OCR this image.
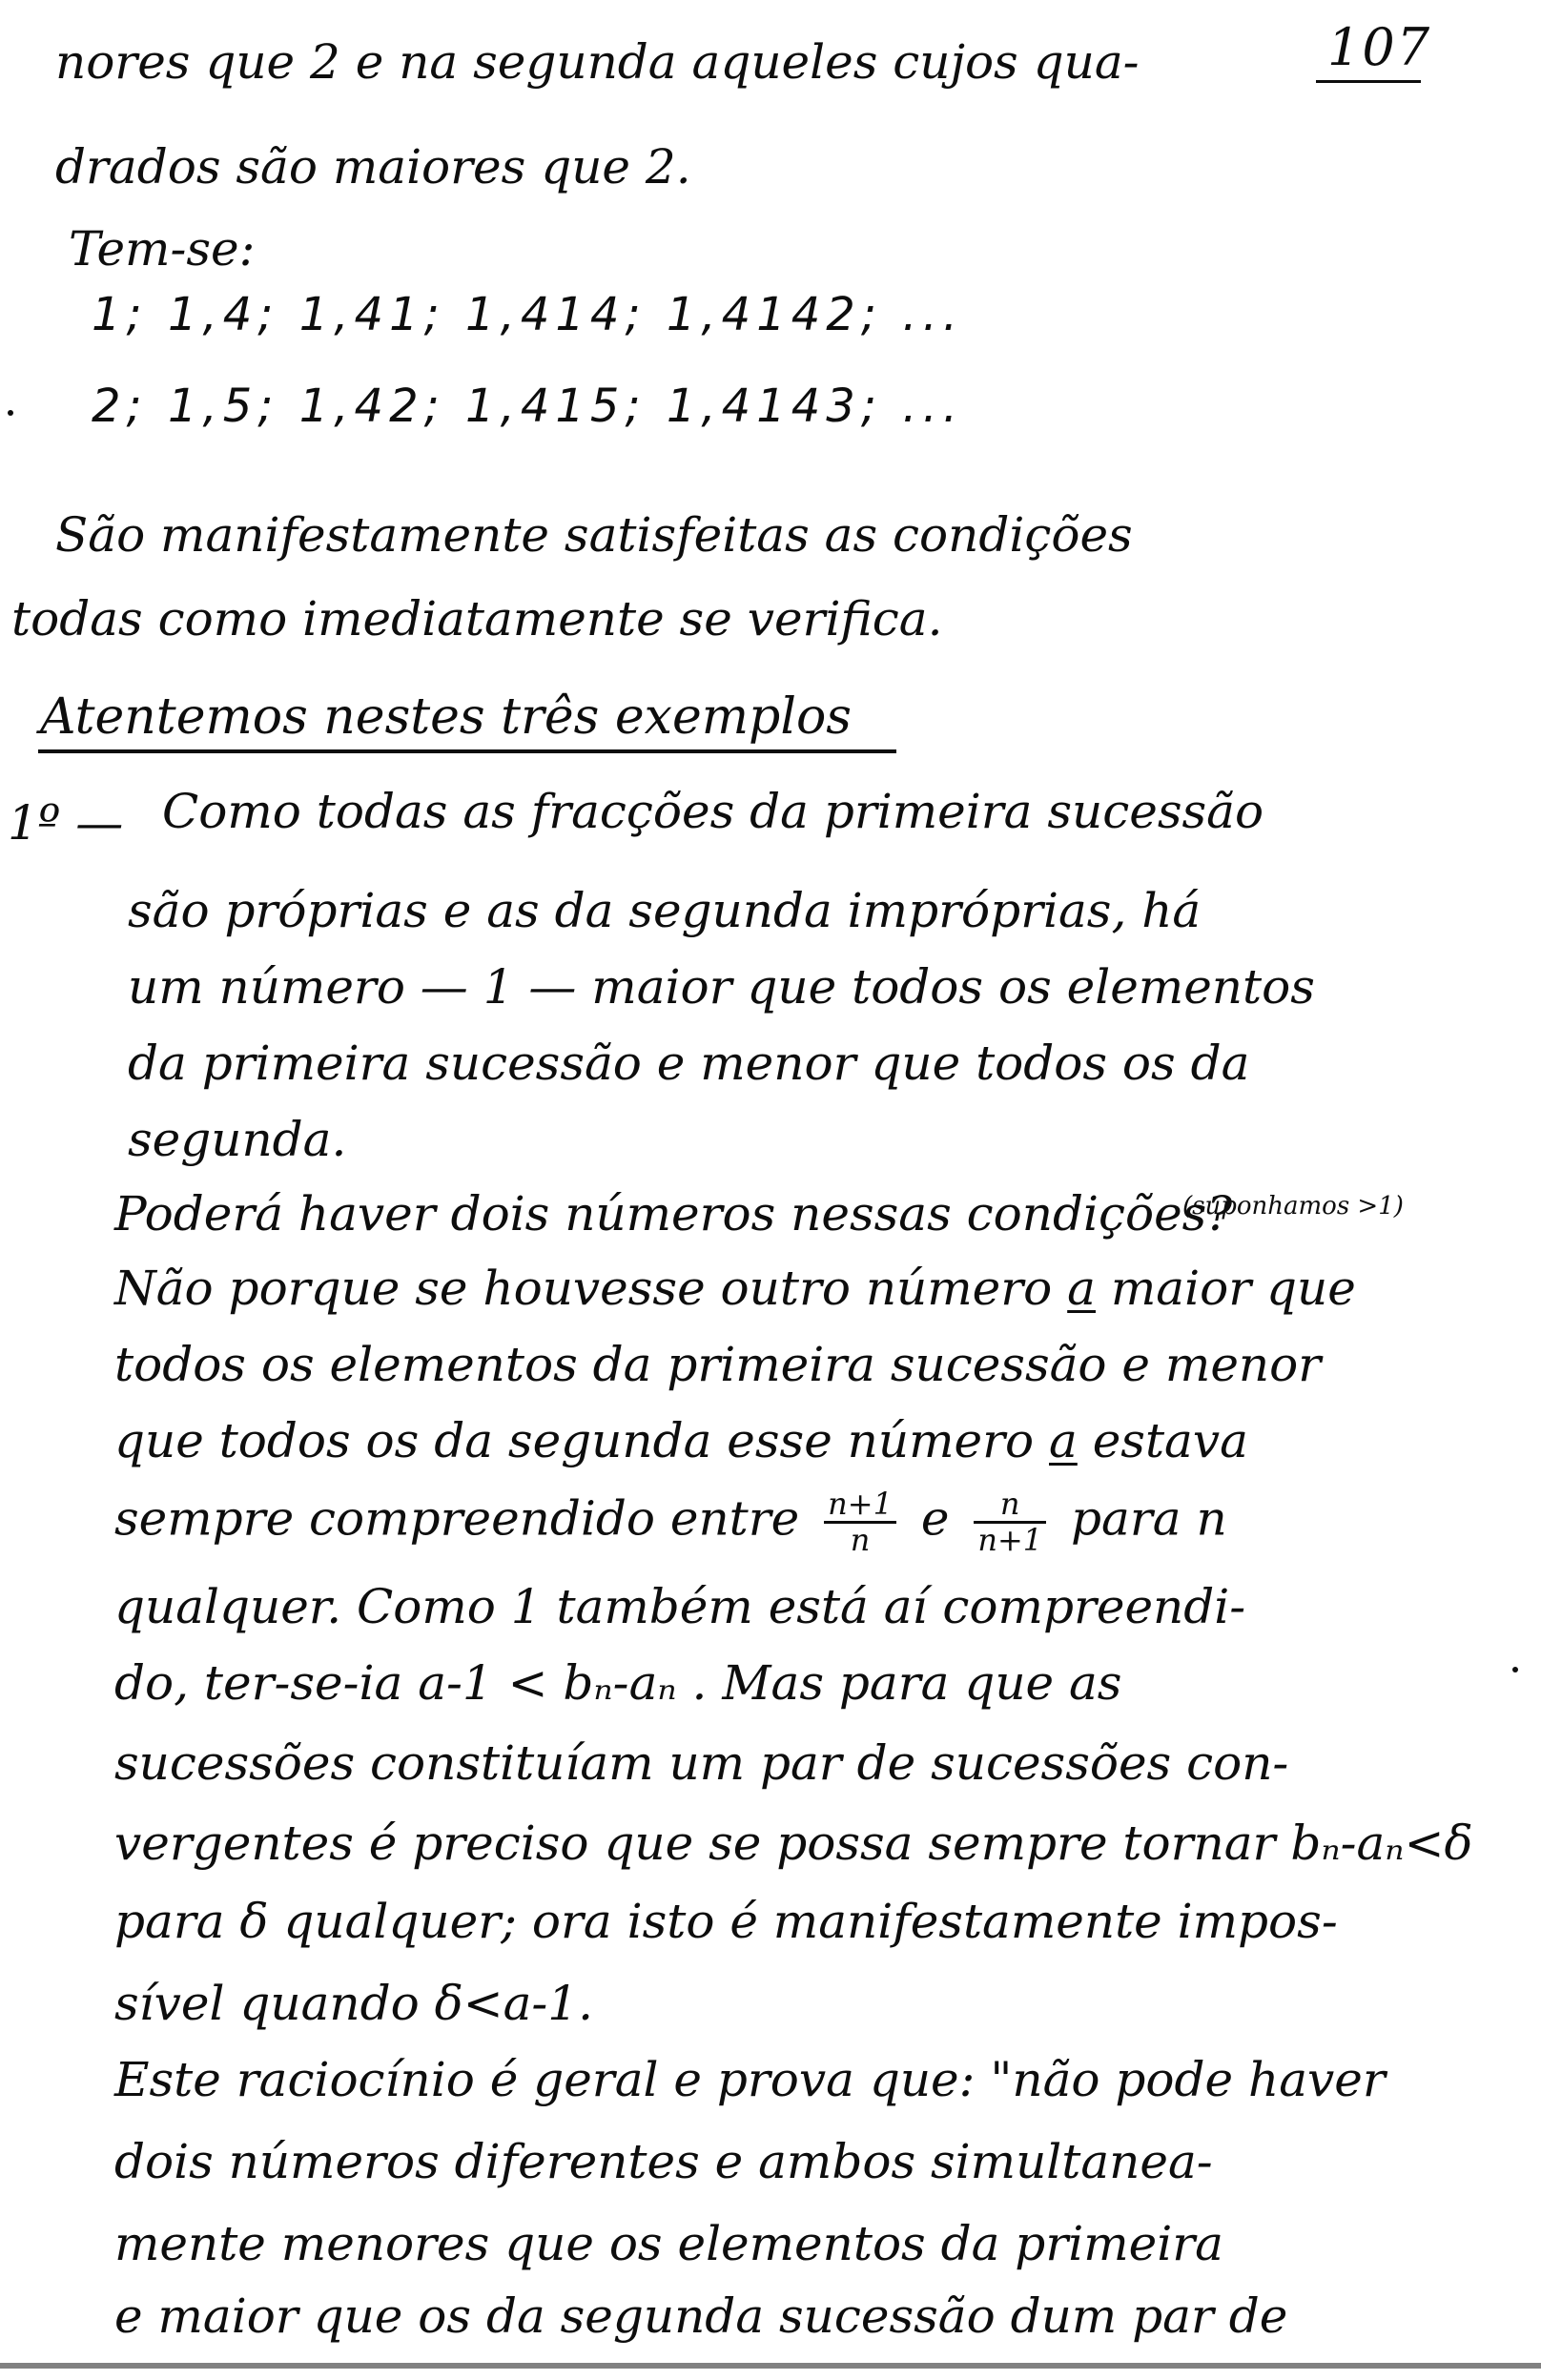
107
nores que 2 e na segunda aqueles cujos qua-
drados são maiores que 2.
Tem-se:
1; 1,4; 1,41; 1,414; 1,4142; ...
2; 1,5; 1,42; 1,415; 1,4143; ...
São manifestamente satisfeitas as condições
todas como imediatamente se verifica.
Atentemos nestes três exemplos
1º — Como todas as fracções da primeira sucessão
são próprias e as da segunda impróprias, há
um número — 1 — maior que todos os elementos
da primeira sucessão e menor que todos os da
segunda.
Poderá haver dois números nessas condições?
(suponhamos >1)
Não porque se houvesse outro número a maior que
todos os elementos da primeira sucessão e menor
que todos os da segunda esse número a estava
sempre compreendido entre $\frac{n+1}{n}$ e $\frac{n}{n+1}$ para n
qualquer. Como 1 também está aí compreendi-
do, ter-se-ia a-1 < bₙ-aₙ . Mas para que as
sucessões constituíam um par de sucessões con-
vergentes é preciso que se possa sempre tornar bₙ-aₙ<δ
para δ qualquer; ora isto é manifestamente impos-
sível quando δ<a-1.
Este raciocínio é geral e prova que: "não pode haver
dois números diferentes e ambos simultanea-
mente menores que os elementos da primeira
e maior que os da segunda sucessão dum par de
